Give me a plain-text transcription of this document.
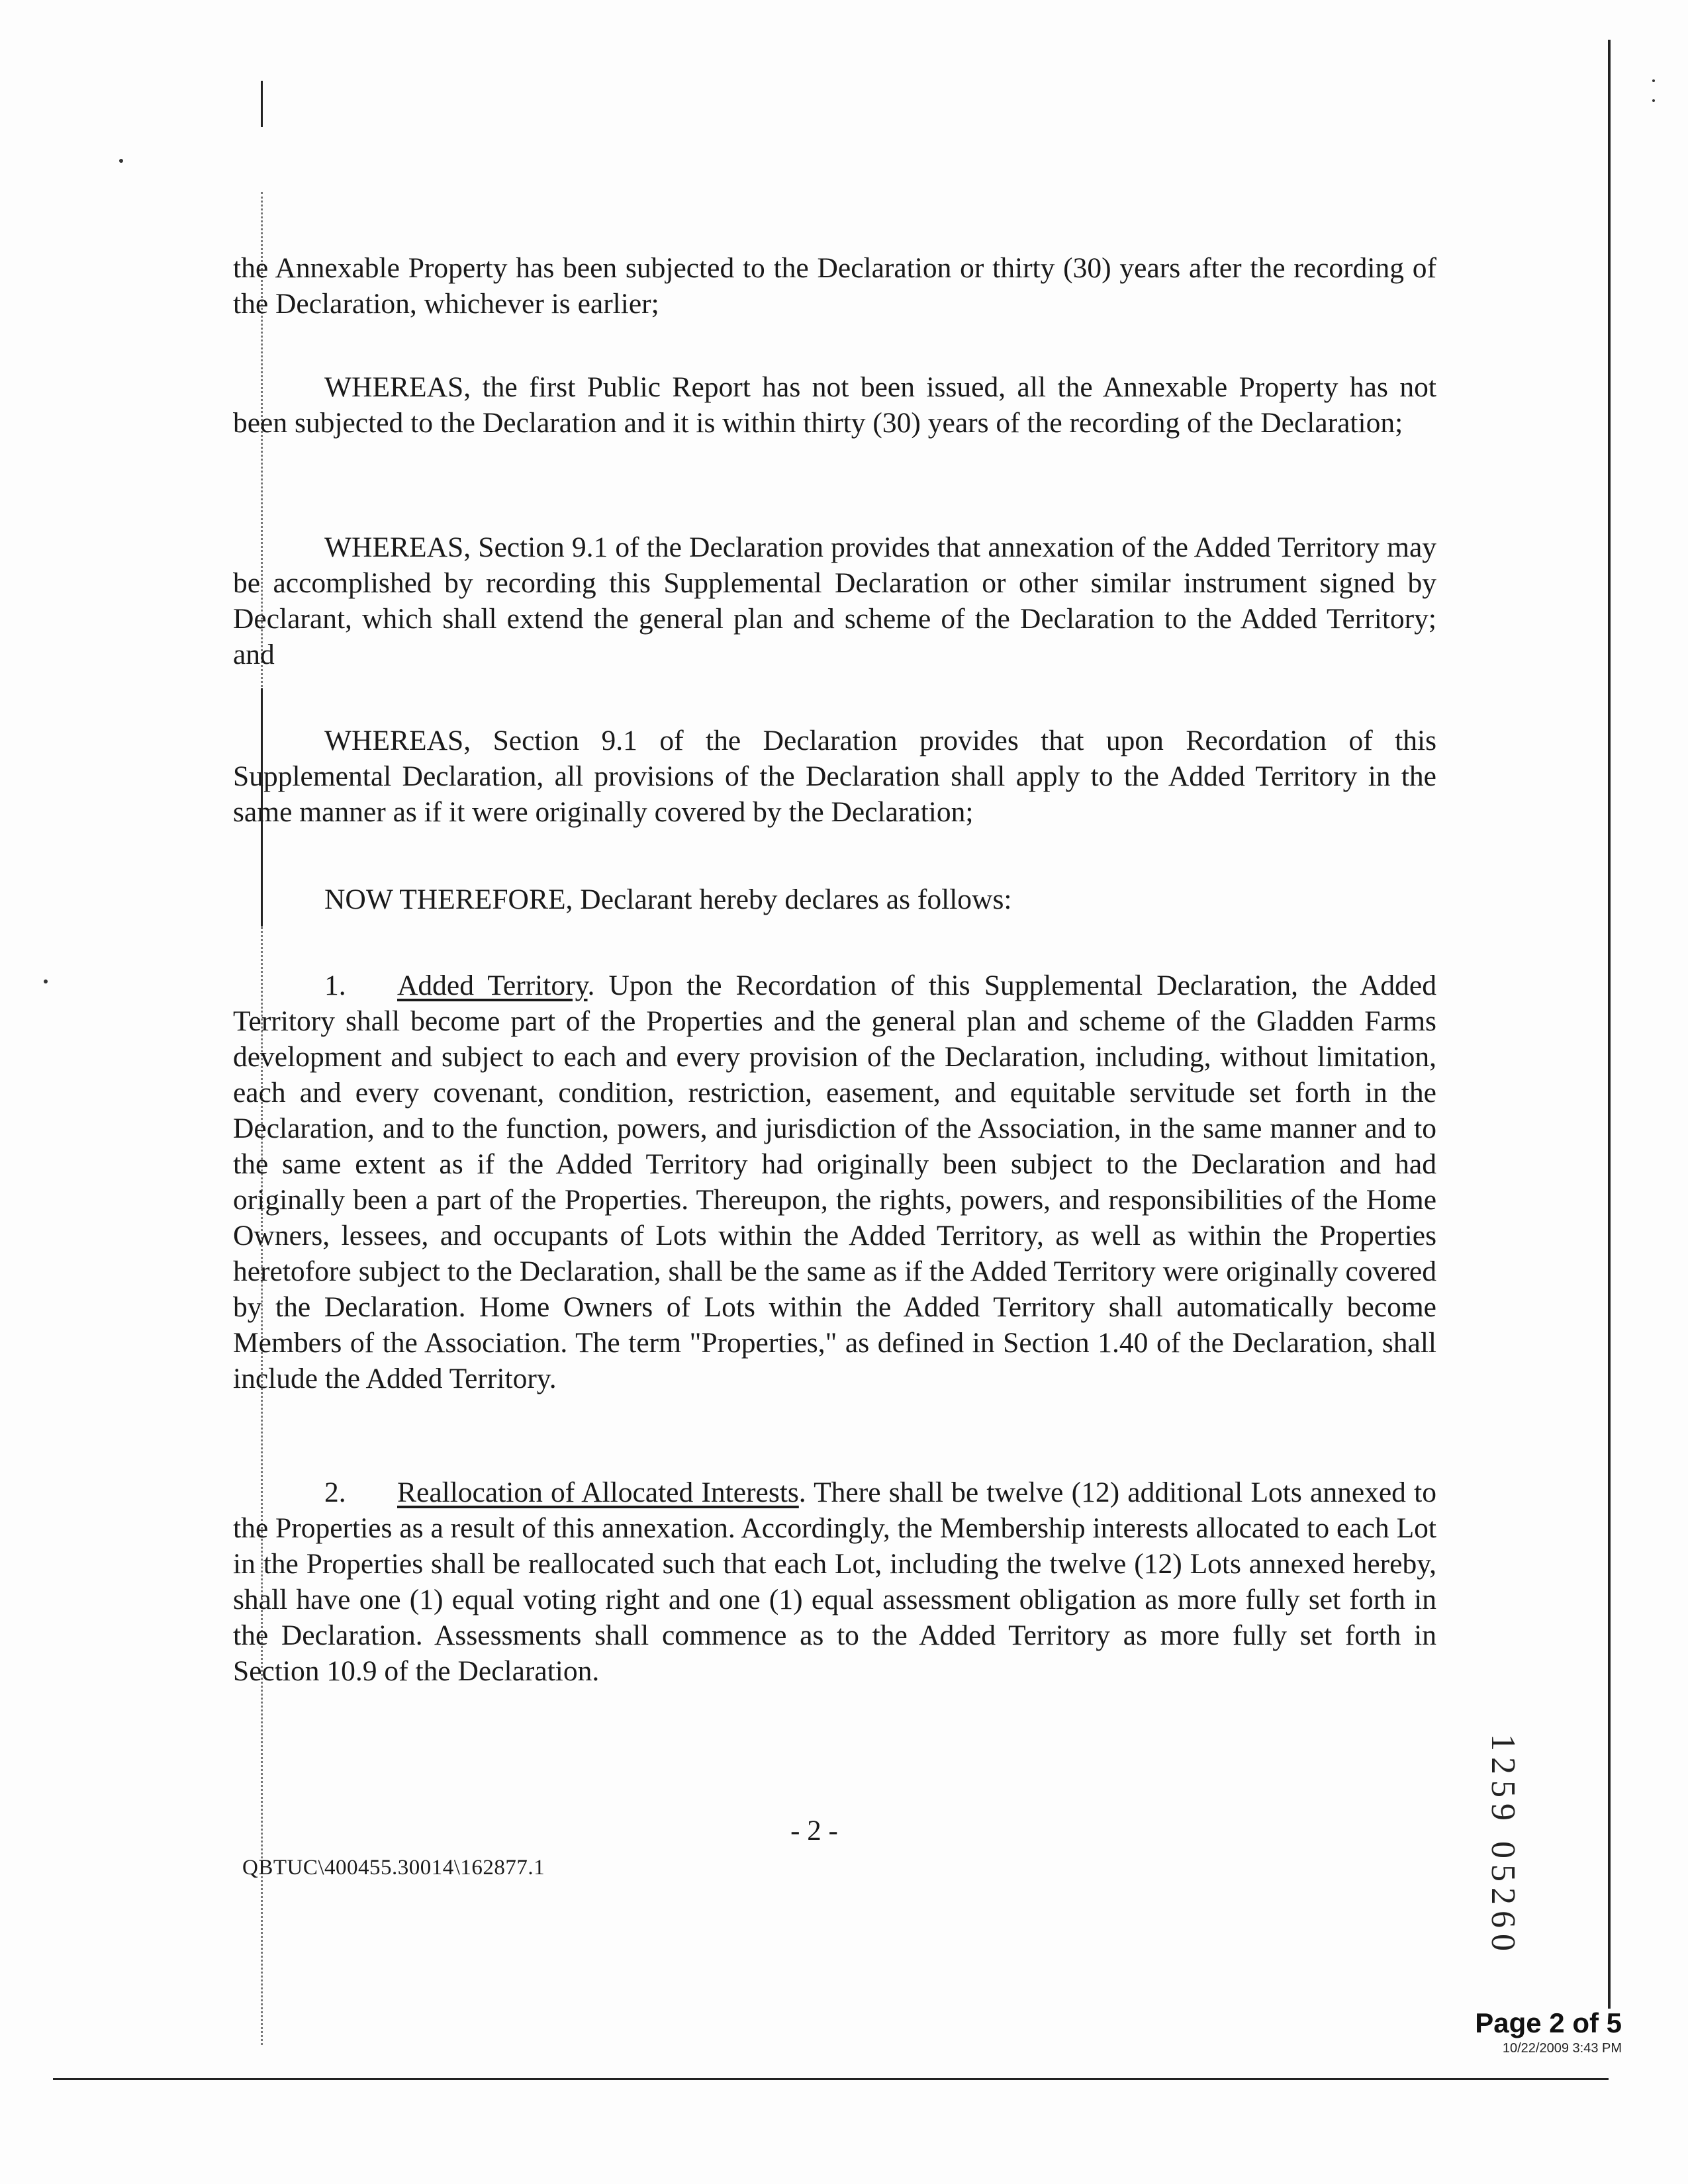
the Annexable Property has been subjected to the Declaration or thirty (30) years after the recording of the Declaration, whichever is earlier;

WHEREAS, the first Public Report has not been issued, all the Annexable Property has not been subjected to the Declaration and it is within thirty (30) years of the recording of the Declaration;

WHEREAS, Section 9.1 of the Declaration provides that annexation of the Added Territory may be accomplished by recording this Supplemental Declaration or other similar instrument signed by Declarant, which shall extend the general plan and scheme of the Declaration to the Added Territory; and

WHEREAS, Section 9.1 of the Declaration provides that upon Recordation of this Supplemental Declaration, all provisions of the Declaration shall apply to the Added Territory in the same manner as if it were originally covered by the Declaration;

NOW THEREFORE, Declarant hereby declares as follows:

1. Added Territory. Upon the Recordation of this Supplemental Declaration, the Added Territory shall become part of the Properties and the general plan and scheme of the Gladden Farms development and subject to each and every provision of the Declaration, including, without limitation, each and every covenant, condition, restriction, easement, and equitable servitude set forth in the Declaration, and to the function, powers, and jurisdiction of the Association, in the same manner and to the same extent as if the Added Territory had originally been subject to the Declaration and had originally been a part of the Properties. Thereupon, the rights, powers, and responsibilities of the Home Owners, lessees, and occupants of Lots within the Added Territory, as well as within the Properties heretofore subject to the Declaration, shall be the same as if the Added Territory were originally covered by the Declaration. Home Owners of Lots within the Added Territory shall automatically become Members of the Association. The term "Properties," as defined in Section 1.40 of the Declaration, shall include the Added Territory.

2. Reallocation of Allocated Interests. There shall be twelve (12) additional Lots annexed to the Properties as a result of this annexation. Accordingly, the Membership interests allocated to each Lot in the Properties shall be reallocated such that each Lot, including the twelve (12) Lots annexed hereby, shall have one (1) equal voting right and one (1) equal assessment obligation as more fully set forth in the Declaration. Assessments shall commence as to the Added Territory as more fully set forth in Section 10.9 of the Declaration.

- 2 -
QBTUC\400455.30014\162877.1	1259 05260
Page 2 of 5
10/22/2009 3:43 PM
